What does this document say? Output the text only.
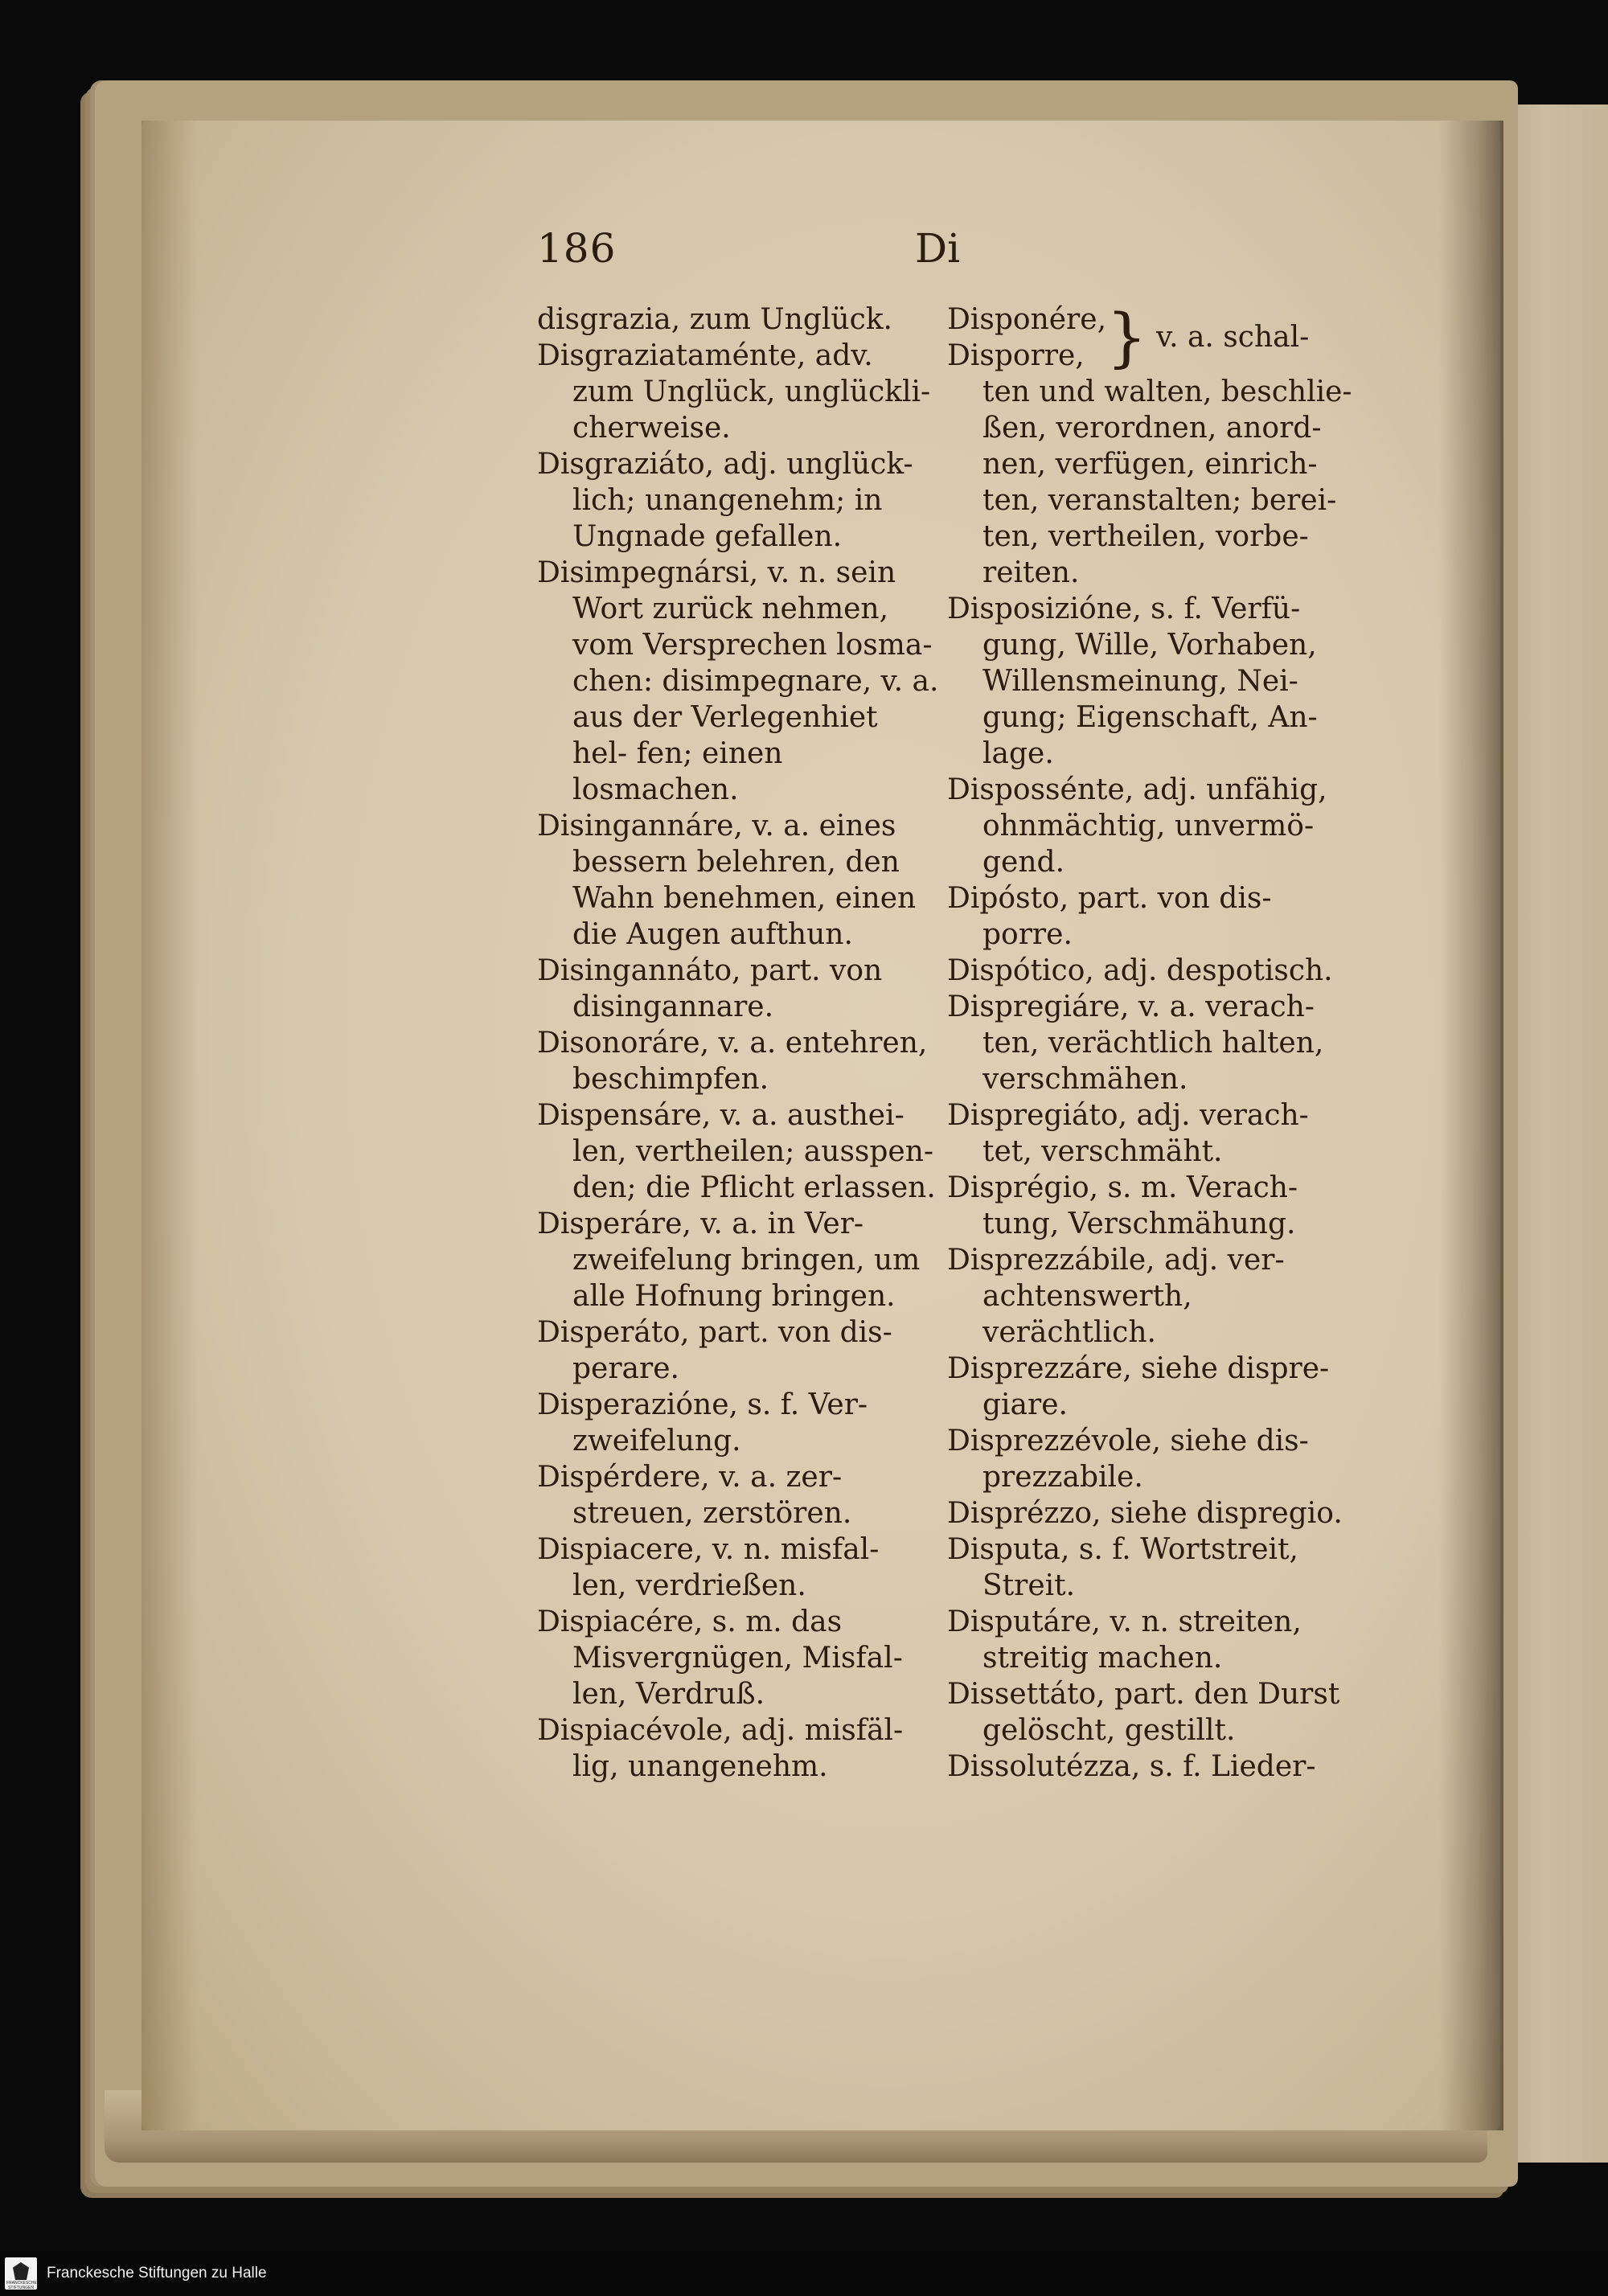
186	Di
disgrazia, zum Unglück.
Disgraziataménte, adv.
zum Unglück, unglückli- cherweise.
Disgraziáto, adj. unglück-
lich; unangenehm; in Ungnade gefallen.
Disimpegnársi, v. n. sein
Wort zurück nehmen, vom Versprechen losma- chen: disimpegnare, v. a. aus der Verlegenhiet hel- fen; einen losmachen.
Disingannáre, v. a. eines
bessern belehren, den Wahn benehmen, einen die Augen aufthun.
Disingannáto, part. von
disingannare.
Disonoráre, v. a. entehren,
beschimpfen.
Dispensáre, v. a. austhei-
len, vertheilen; ausspen- den; die Pflicht erlassen.
Disperáre, v. a. in Ver-
zweifelung bringen, um alle Hofnung bringen.
Disperáto, part. von dis-
perare.
Disperazióne, s. f. Ver-
zweifelung.
Dispérdere, v. a. zer-
streuen, zerstören.
Dispiacere, v. n. misfal-
len, verdrießen.
Dispiacére, s. m. das
Misvergnügen, Misfal- len, Verdruß.
Dispiacévole, adj. misfäl-
lig, unangenehm.
Disponére,
Disporre, } v. a. schal-
ten und walten, beschlie- ßen, verordnen, anord- nen, verfügen, einrich- ten, veranstalten; berei- ten, vertheilen, vorbe- reiten.
Disposizióne, s. f. Verfü-
gung, Wille, Vorhaben, Willensmeinung, Nei- gung; Eigenschaft, An- lage.
Dispossénte, adj. unfähig,
ohnmächtig, unvermö- gend.
Dipósto, part. von dis-
porre.
Dispótico, adj. despotisch.
Dispregiáre, v. a. verach-
ten, verächtlich halten, verschmähen.
Dispregiáto, adj. verach-
tet, verschmäht.
Disprégio, s. m. Verach-
tung, Verschmähung.
Disprezzábile, adj. ver-
achtenswerth, verächtlich.
Disprezzáre, siehe dispre-
giare.
Disprezzévole, siehe dis-
prezzabile.
Disprézzo, siehe dispregio.
Disputa, s. f. Wortstreit,
Streit.
Disputáre, v. n. streiten,
streitig machen.
Dissettáto, part. den Durst
gelöscht, gestillt.
Dissolutézza, s. f. Lieder-
FRANCKESCHE STIFTUNGEN
Franckesche Stiftungen zu Halle
